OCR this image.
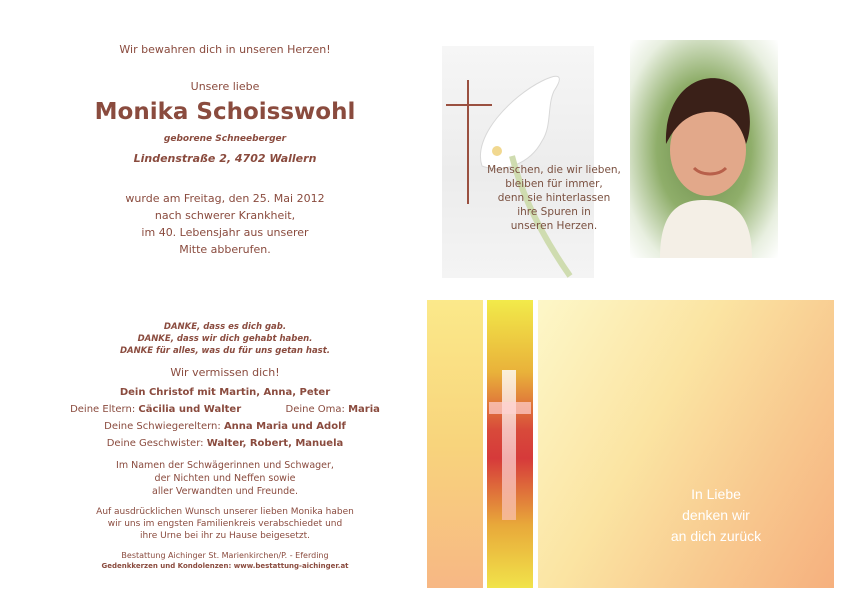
Wir bewahren dich in unseren Herzen!
Unsere liebe
Monika Schoisswohl
geborene Schneeberger
Lindenstraße 2, 4702 Wallern
wurde am Freitag, den 25. Mai 2012
nach schwerer Krankheit,
im 40. Lebensjahr aus unserer
Mitte abberufen.
Menschen, die wir lieben,
bleiben für immer,
denn sie hinterlassen
ihre Spuren in
unseren Herzen.
DANKE, dass es dich gab.
DANKE, dass wir dich gehabt haben.
DANKE für alles, was du für uns getan hast.
Wir vermissen dich!
Dein Christof mit Martin, Anna, Peter
Deine Eltern: Cäcilia und Walter	Deine Oma: Maria
Deine Schwiegereltern: Anna Maria und Adolf
Deine Geschwister: Walter, Robert, Manuela
Im Namen der Schwägerinnen und Schwager,
der Nichten und Neffen sowie
aller Verwandten und Freunde.
Auf ausdrücklichen Wunsch unserer lieben Monika haben
wir uns im engsten Familienkreis verabschiedet und
ihre Urne bei ihr zu Hause beigesetzt.
Bestattung Aichinger St. Marienkirchen/P. - Eferding
Gedenkkerzen und Kondolenzen: www.bestattung-aichinger.at
In Liebe
denken wir
an dich zurück
